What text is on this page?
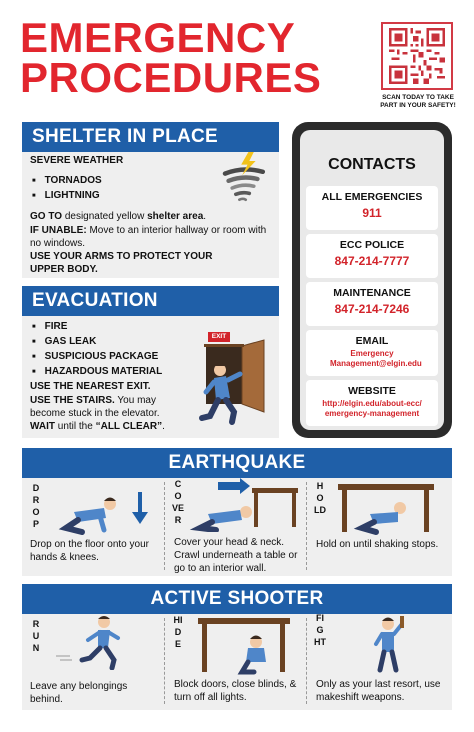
EMERGENCY
PROCEDURES	SCAN TODAY TO TAKE PART IN YOUR SAFETY!
SHELTER IN PLACE
SEVERE WEATHER
■ TORNADOS
■ LIGHTNING
GO TO designated yellow shelter area.
IF UNABLE: Move to an interior hallway or room with no windows.
USE YOUR ARMS TO PROTECT YOUR UPPER BODY.
EVACUATION
■ FIRE
■ GAS LEAK
■ SUSPICIOUS PACKAGE
■ HAZARDOUS MATERIAL
EXIT
USE THE NEAREST EXIT.
USE THE STAIRS. You may become stuck in the elevator.
WAIT until the “ALL CLEAR”.
CONTACTS
ALL EMERGENCIES
911
ECC POLICE
847-214-7777
MAINTENANCE
847-214-7246
EMAIL
Emergency Management@elgin.edu
WEBSITE
http://elgin.edu/about-ecc/ emergency-management
EARTHQUAKE
DROP
Drop on the floor onto your hands & knees.
COVER
Cover your head & neck. Crawl underneath a table or go to an interior wall.
HOLD
Hold on until shaking stops.
ACTIVE SHOOTER
RUN
Leave any belongings behind.
HIDE
Block doors, close blinds, & turn off all lights.
FIGHT
Only as your last resort, use makeshift weapons.
